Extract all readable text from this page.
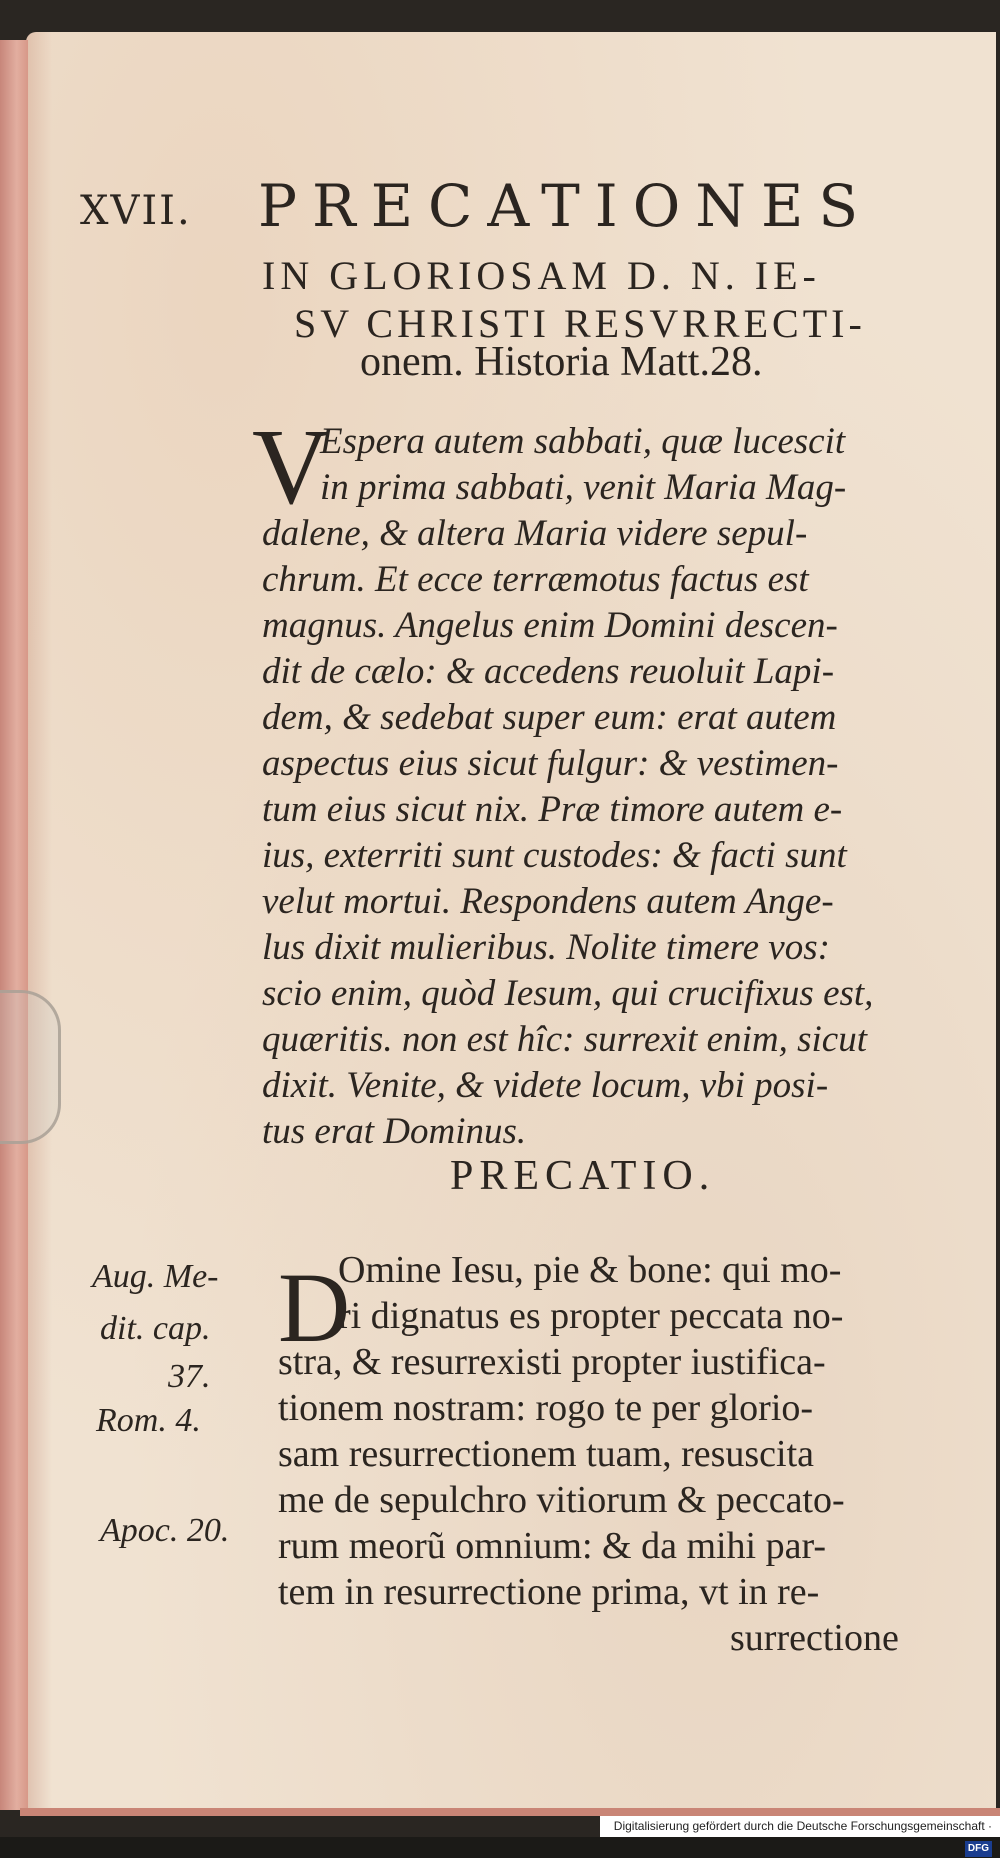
XVII. PRECATIONES
IN GLORIOSAM D. N. IE-
SV CHRISTI RESVRRECTI-
onem. Historia Matt.28.
V
Espera autem sabbati, quæ lucescit
in prima sabbati, venit Maria Mag-
dalene, & altera Maria videre sepul-
chrum. Et ecce terræmotus factus est
magnus. Angelus enim Domini descen-
dit de cælo: & accedens reuoluit Lapi-
dem, & sedebat super eum: erat autem
aspectus eius sicut fulgur: & vestimen-
tum eius sicut nix. Præ timore autem e-
ius, exterriti sunt custodes: & facti sunt
velut mortui. Respondens autem Ange-
lus dixit mulieribus. Nolite timere vos:
scio enim, quòd Iesum, qui crucifixus est,
quæritis. non est hîc: surrexit enim, sicut
dixit. Venite, & videte locum, vbi posi-
tus erat Dominus.
PRECATIO.
D
Omine Iesu, pie & bone: qui mo-
ri dignatus es propter peccata no-
stra, & resurrexisti propter iustifica-
tionem nostram: rogo te per glorio-
sam resurrectionem tuam, resuscita
me de sepulchro vitiorum & peccato-
rum meorũ omnium: & da mihi par-
tem in resurrectione prima, vt in re-
surrectione
Aug. Me-
dit. cap.
37.
Rom. 4.
Apoc. 20.
Digitalisierung gefördert durch die Deutsche Forschungsgemeinschaft ·DFG
